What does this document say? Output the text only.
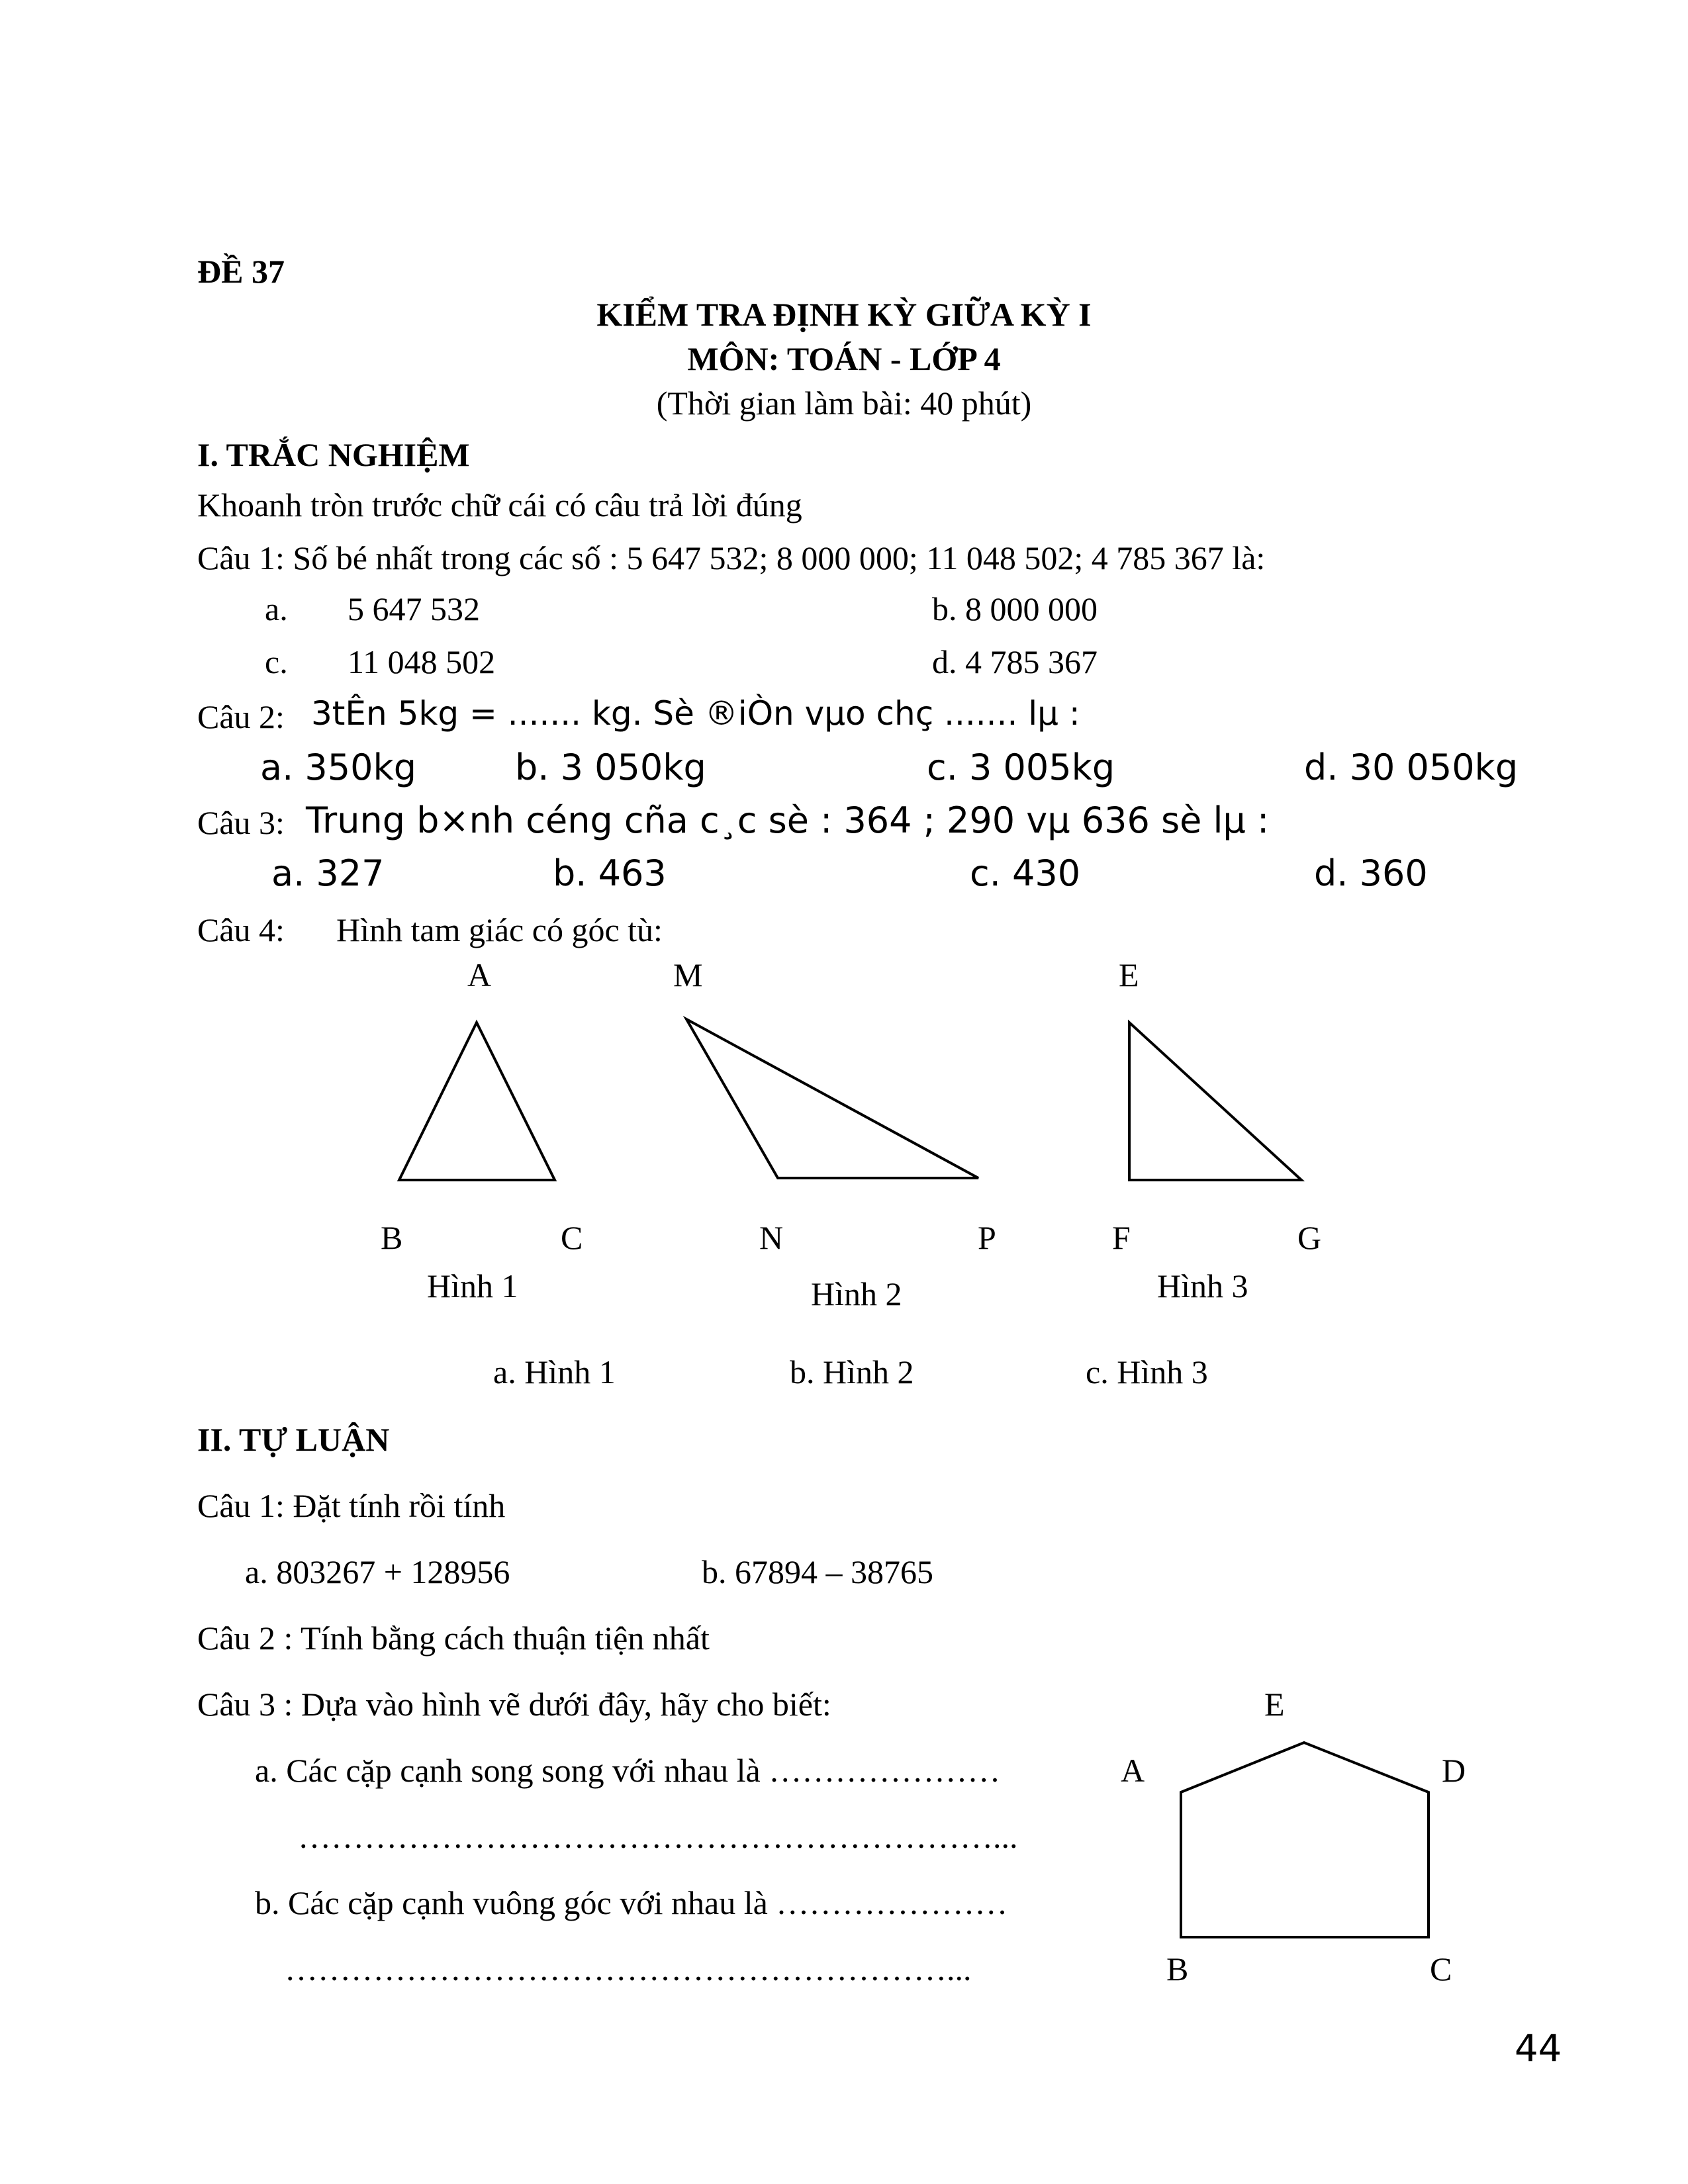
ĐỀ 37
KIỂM TRA ĐỊNH KỲ GIỮA KỲ I
MÔN: TOÁN - LỚP 4
(Thời gian làm bài: 40 phút)
I. TRẮC NGHIỆM
Khoanh tròn trước chữ cái có câu trả lời đúng
Câu 1: Số bé nhất trong các số : 5 647 532; 8 000 000; 11 048 502; 4 785 367 là:
a. 5 647 532	b. 8 000 000
c. 11 048 502	d. 4 785 367
Câu 2: 3tÊn 5kg = ....... kg. Sè ®iÒn vµo chç ....... lµ :
a. 350kg	b. 3 050kg	c. 3 005kg	d. 30 050kg
Câu 3: Trung b×nh céng cña c¸c sè : 364 ; 290 vµ 636 sè lµ :
a. 327	b. 463	c. 430	d. 360
Câu 4: Hình tam giác có góc tù:
A	M	E
B	C	N	P	F	G
Hình 1	Hình 2	Hình 3
a. Hình 1	b. Hình 2	c. Hình 3
II. TỰ LUẬN
Câu 1: Đặt tính rồi tính
a. 803267 + 128956	b. 67894 – 38765
Câu 2 : Tính bằng cách thuận tiện nhất
Câu 3 : Dựa vào hình vẽ dưới đây, hãy cho biết:
a. Các cặp cạnh song song với nhau là …………………
………………………………………………………...
b. Các cặp cạnh vuông góc với nhau là …………………
……………………………………………………...
E
A	D
B	C
44
